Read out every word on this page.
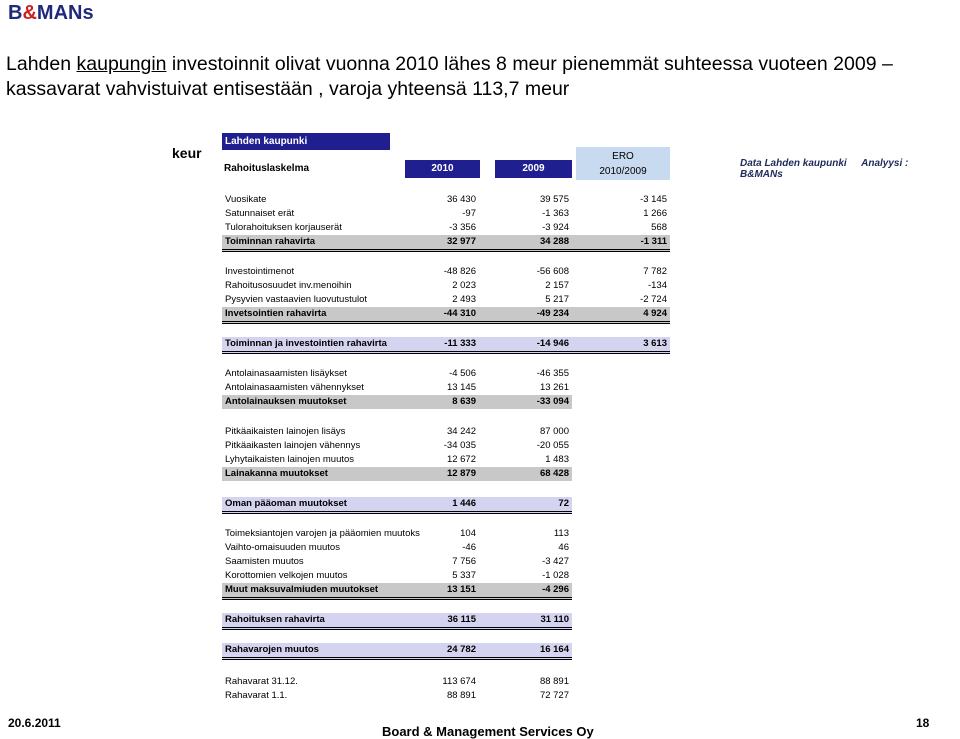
B&MANs
Lahden kaupungin investoinnit olivat vuonna 2010 lähes 8 meur pienemmät suhteessa vuoteen 2009 – kassavarat vahvistuivat entisestään , varoja yhteensä 113,7 meur
keur
Lahden kaupunki
Rahoituslaskelma	2010	2009
ERO
2010/2009
Data Lahden kaupunki Analyysi : B&MANs
Vuosikate	36 430	39 575	-3 145
Satunnaiset erät	-97	-1 363	1 266
Tulorahoituksen korjauserät	-3 356	-3 924	568
Toiminnan rahavirta	32 977	34 288	-1 311
Investointimenot	-48 826	-56 608	7 782
Rahoitusosuudet inv.menoihin	2 023	2 157	-134
Pysyvien vastaavien luovutustulot	2 493	5 217	-2 724
Invetsointien rahavirta	-44 310	-49 234	4 924
Toiminnan ja investointien rahavirta	-11 333	-14 946	3 613
Antolainasaamisten lisäykset	-4 506	-46 355
Antolainasaamisten vähennykset	13 145	13 261
Antolainauksen muutokset	8 639	-33 094
Pitkäaikaisten lainojen lisäys	34 242	87 000
Pitkäaikasten lainojen vähennys	-34 035	-20 055
Lyhytaikaisten lainojen muutos	12 672	1 483
Lainakanna muutokset	12 879	68 428
Oman pääoman muutokset	1 446	72
Toimeksiantojen varojen ja pääomien muutoks	104	113
Vaihto-omaisuuden muutos	-46	46
Saamisten muutos	7 756	-3 427
Korottomien velkojen muutos	5 337	-1 028
Muut maksuvalmiuden muutokset	13 151	-4 296
Rahoituksen rahavirta	36 115	31 110
Rahavarojen muutos	24 782	16 164
Rahavarat 31.12.	113 674	88 891
Rahavarat 1.1.	88 891	72 727
20.6.2011
Board & Management Services Oy
18
